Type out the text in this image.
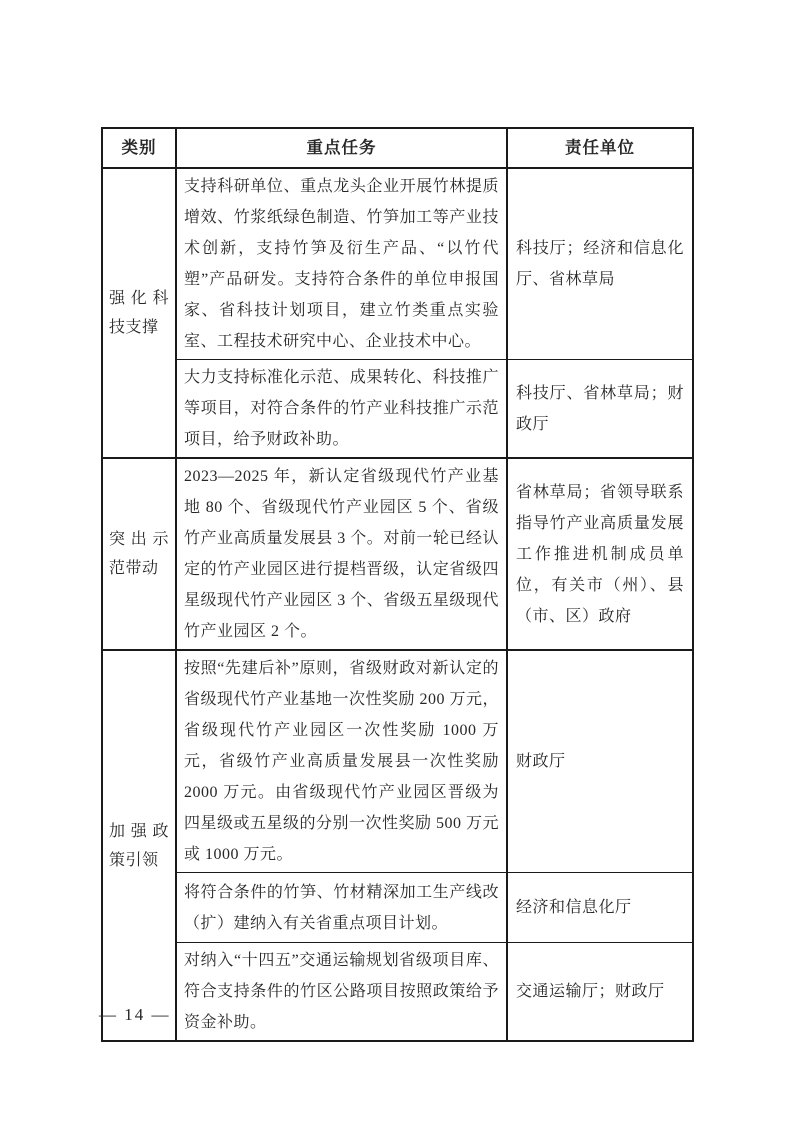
类别	重点任务	责任单位
强化科技支撑	支持科研单位、重点龙头企业开展竹林提质增效、竹浆纸绿色制造、竹笋加工等产业技术创新，支持竹笋及衍生产品、“以竹代塑”产品研发。支持符合条件的单位申报国家、省科技计划项目，建立竹类重点实验室、工程技术研究中心、企业技术中心。	科技厅；经济和信息化厅、省林草局
	大力支持标准化示范、成果转化、科技推广等项目，对符合条件的竹产业科技推广示范项目，给予财政补助。	科技厅、省林草局；财政厅
突出示范带动	2023—2025 年，新认定省级现代竹产业基地 80 个、省级现代竹产业园区 5 个、省级竹产业高质量发展县 3 个。对前一轮已经认定的竹产业园区进行提档晋级，认定省级四星级现代竹产业园区 3 个、省级五星级现代竹产业园区 2 个。	省林草局；省领导联系指导竹产业高质量发展工作推进机制成员单位，有关市（州）、县（市、区）政府
加强政策引领	按照“先建后补”原则，省级财政对新认定的省级现代竹产业基地一次性奖励 200 万元，省级现代竹产业园区一次性奖励 1000 万元，省级竹产业高质量发展县一次性奖励 2000 万元。由省级现代竹产业园区晋级为四星级或五星级的分别一次性奖励 500 万元或 1000 万元。	财政厅
	将符合条件的竹笋、竹材精深加工生产线改（扩）建纳入有关省重点项目计划。	经济和信息化厅
	对纳入“十四五”交通运输规划省级项目库、符合支持条件的竹区公路项目按照政策给予资金补助。	交通运输厅；财政厅
— 14 —
